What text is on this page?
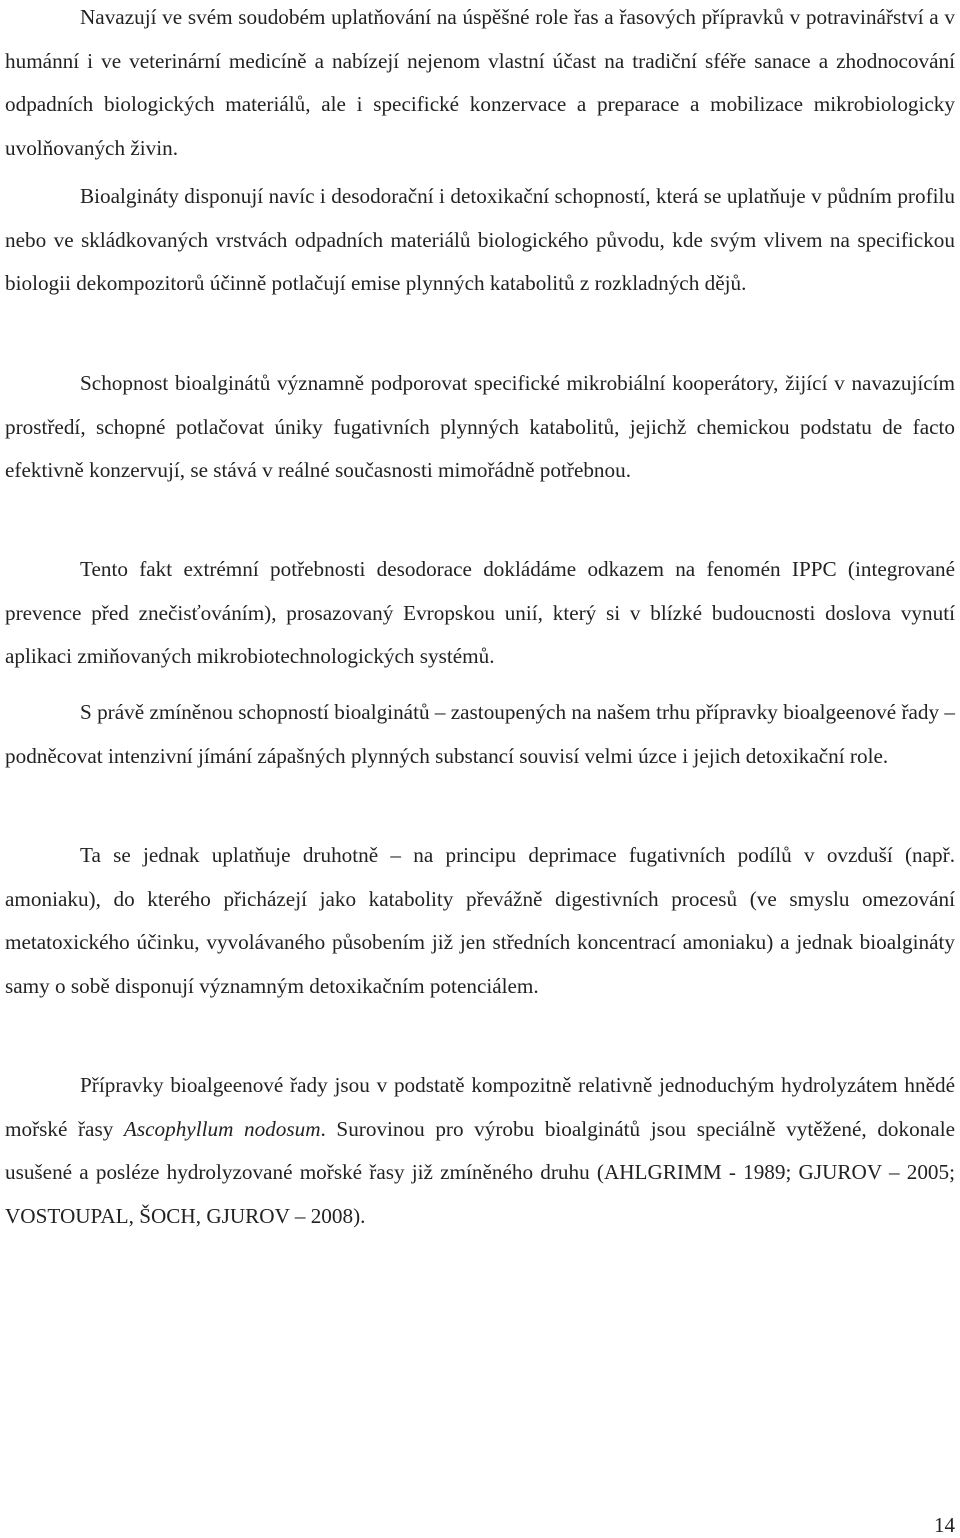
Navazují ve svém soudobém uplatňování na úspěšné role řas a řasových přípravků v potravinářství a v humánní i ve veterinární medicíně a nabízejí nejenom vlastní účast na tradiční sféře sanace a zhodnocování odpadních biologických materiálů, ale i specifické konzervace a preparace a mobilizace mikrobiologicky uvolňovaných živin.

Bioalgináty disponují navíc i desodorační i detoxikační schopností, která se uplatňuje v půdním profilu nebo ve skládkovaných vrstvách odpadních materiálů biologického původu, kde svým vlivem na specifickou biologii dekompozitorů účinně potlačují emise plynných katabolitů z rozkladných dějů.

Schopnost bioalginátů významně podporovat specifické mikrobiální kooperátory, žijící v navazujícím prostředí, schopné potlačovat úniky fugativních plynných katabolitů, jejichž chemickou podstatu de facto efektivně konzervují, se stává v reálné současnosti mimořádně potřebnou.

Tento fakt extrémní potřebnosti desodorace dokládáme odkazem na fenomén IPPC (integrované prevence před znečisťováním), prosazovaný Evropskou unií, který si v blízké budoucnosti doslova vynutí aplikaci zmiňovaných mikrobiotechnologických systémů.

S právě zmíněnou schopností bioalginátů – zastoupených na našem trhu přípravky bioalgeenové řady – podněcovat intenzivní jímání zápašných plynných substancí souvisí velmi úzce i jejich detoxikační role.

Ta se jednak uplatňuje druhotně – na principu deprimace fugativních podílů v ovzduší (např. amoniaku), do kterého přicházejí jako katabolity převážně digestivních procesů (ve smyslu omezování metatoxického účinku, vyvolávaného působením již jen středních koncentrací amoniaku) a jednak bioalgináty samy o sobě disponují významným detoxikačním potenciálem.

Přípravky bioalgeenové řady jsou v podstatě kompozitně relativně jednoduchým hydrolyzátem hnědé mořské řasy Ascophyllum nodosum. Surovinou pro výrobu bioalginátů jsou speciálně vytěžené, dokonale usušené a posléze hydrolyzované mořské řasy již zmíněného druhu (AHLGRIMM - 1989; GJUROV – 2005; VOSTOUPAL, ŠOCH, GJUROV – 2008).

14
